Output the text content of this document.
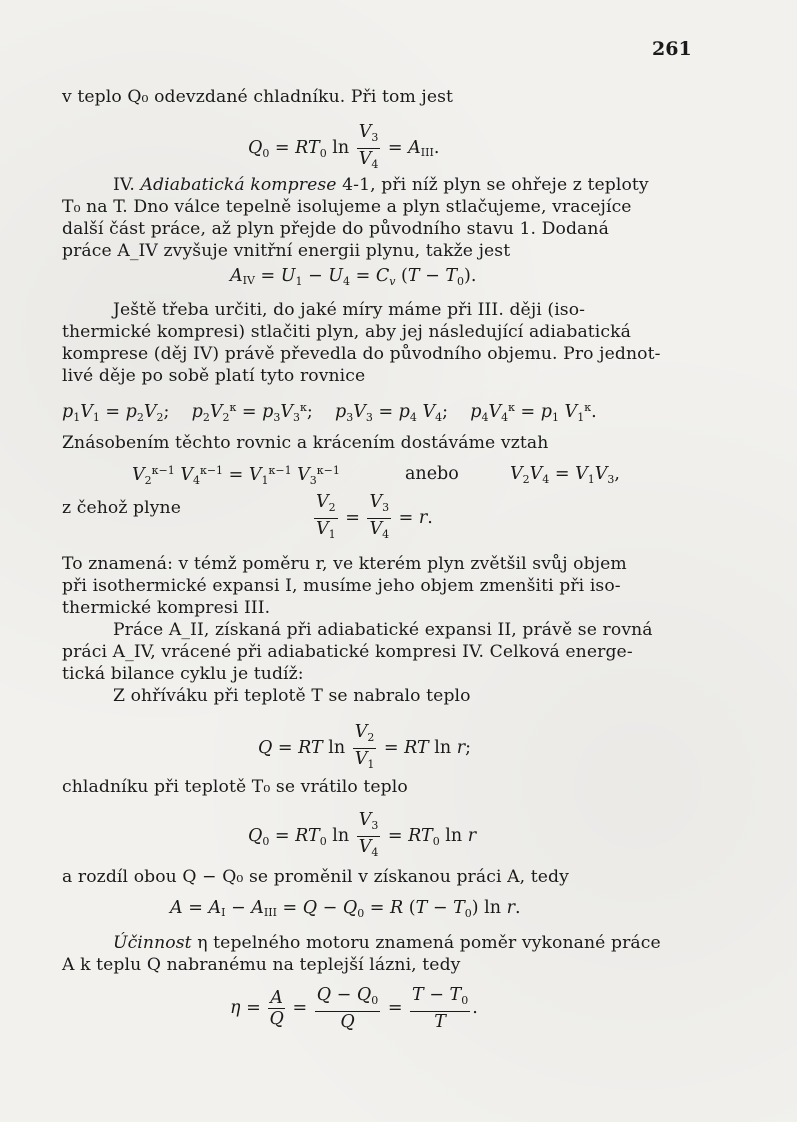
261
v teplo Q₀ odevzdané chladníku. Při tom jest
$Q_0 = RT_0$ $\ln \frac{V_3}{V_4}$ = AIII.
IV. Adiabatická komprese 4-1, při níž plyn se ohřeje z teploty
T₀ na T. Dno válce tepelně isolujeme a plyn stlačujeme, vracejíce
další část práce, až plyn přejde do původního stavu 1. Dodaná
práce A_IV zvyšuje vnitřní energii plynu, takže jest
AIV = $U_1 - U_4 = C_v$ $(T - T_0)$.
Ještě třeba určiti, do jaké míry máme při III. ději (iso-
thermické kompresi) stlačiti plyn, aby jej následující adiabatická
komprese (děj IV) právě převedla do původního objemu. Pro jednot-
livé děje po sobě platí tyto rovnice
$p_1V_1 = p_2V_2$;    $p_2V_2^\kappa = p_3V_3^\kappa$;    $p_3V_3 = p_4$ $V_4$;    $p_4V_4^\kappa = p_1$ $V_1^\kappa$.
Znásobením těchto rovnic a krácením dostáváme vztah
$V_2^{\kappa-1}$ $V_4^{\kappa-1} = V_1^{\kappa-1}$ $V_3^{\kappa-1}$	anebo	$V_2V_4 = V_1V_3$,
z čehož plyne	$\frac{V_2}{V_1} = \frac{V_3}{V_4} = r$.
To znamená: v témž poměru r, ve kterém plyn zvětšil svůj objem
při isothermické expansi I, musíme jeho objem zmenšiti při iso-
thermické kompresi III.
Práce A_II, získaná při adiabatické expansi II, právě se rovná
práci A_IV, vrácené při adiabatické kompresi IV. Celková energe-
tická bilance cyklu je tudíž:
Z ohříváku při teplotě T se nabralo teplo
Q = RT $\ln \frac{V_2}{V_1}$ = RT ln r;
chladníku při teplotě T₀ se vrátilo teplo
$Q_0 = RT_0$ $\ln \frac{V_3}{V_4} = RT_0$ ln r
a rozdíl obou Q − Q₀ se proměnil v získanou práci A, tedy
A = AI − AIII = $Q - Q_0 = R$ $(T - T_0)$ ln r.
Účinnost η tepelného motoru znamená poměr vykonané práce
A k teplu Q nabranému na teplejší lázni, tedy
$\eta = \frac{A}{Q} = \frac{Q - Q_0}{Q} = \frac{T - T_0}{T}$ .
